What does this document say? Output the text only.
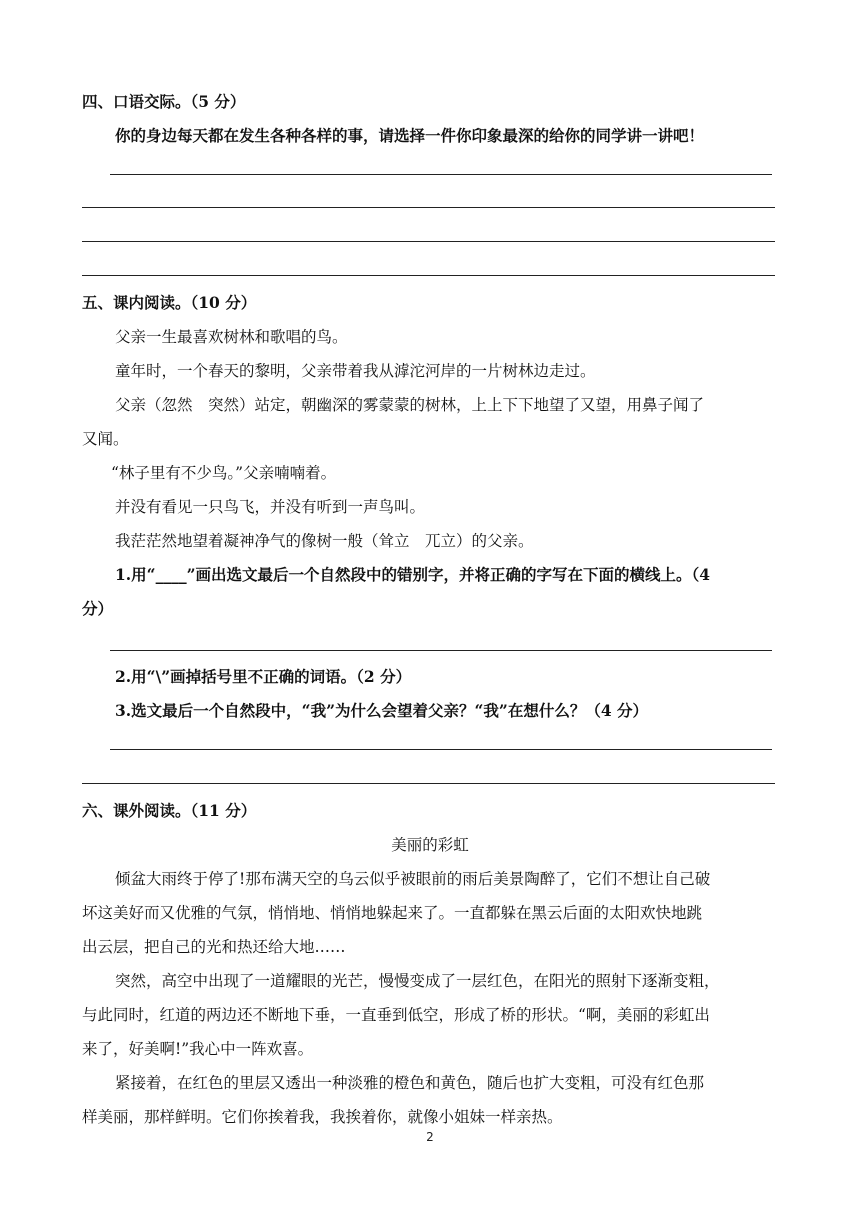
四、口语交际。（5 分）
你的身边每天都在发生各种各样的事，请选择一件你印象最深的给你的同学讲一讲吧！
五、课内阅读。（10 分）
父亲一生最喜欢树林和歌唱的鸟。
童年时，一个春天的黎明，父亲带着我从滹沱河岸的一片树林边走过。
父亲（忽然　突然）站定，朝幽深的雾蒙蒙的树林，上上下下地望了又望，用鼻子闻了
又闻。
“林子里有不少鸟。”父亲喃喃着。
并没有看见一只鸟飞，并没有听到一声鸟叫。
我茫茫然地望着凝神净气的像树一般（耸立　兀立）的父亲。
1.用“____”画出选文最后一个自然段中的错别字，并将正确的字写在下面的横线上。（4
分）
2.用“\”画掉括号里不正确的词语。（2 分）
3.选文最后一个自然段中，“我”为什么会望着父亲？“我”在想什么？（4 分）
六、课外阅读。（11 分）
美丽的彩虹
倾盆大雨终于停了!那布满天空的乌云似乎被眼前的雨后美景陶醉了，它们不想让自己破
坏这美好而又优雅的气氛，悄悄地、悄悄地躲起来了。一直都躲在黑云后面的太阳欢快地跳
出云层，把自己的光和热还给大地……
突然，高空中出现了一道耀眼的光芒，慢慢变成了一层红色，在阳光的照射下逐渐变粗，
与此同时，红道的两边还不断地下垂，一直垂到低空，形成了桥的形状。“啊，美丽的彩虹出
来了，好美啊!”我心中一阵欢喜。
紧接着，在红色的里层又透出一种淡雅的橙色和黄色，随后也扩大变粗，可没有红色那
样美丽，那样鲜明。它们你挨着我，我挨着你，就像小姐妹一样亲热。
2
